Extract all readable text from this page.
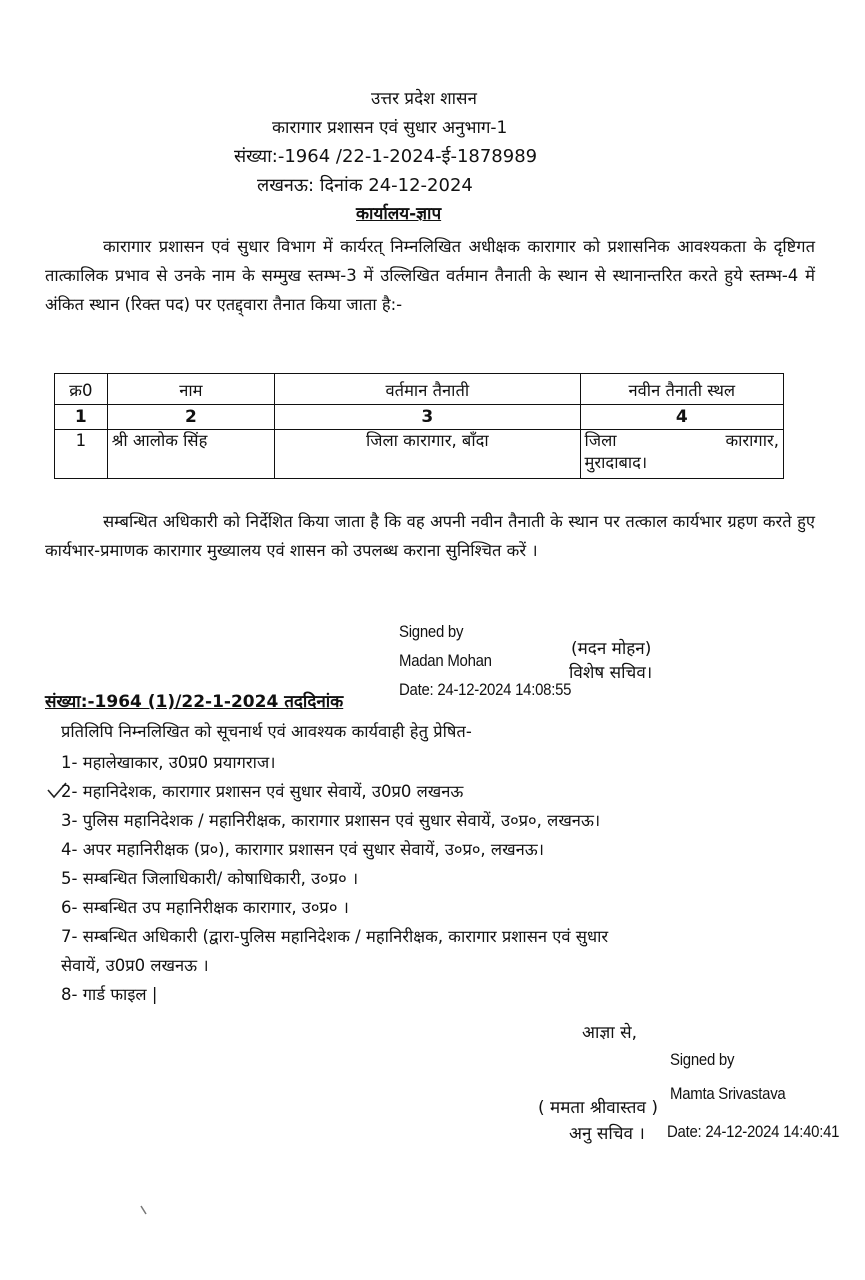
उत्तर प्रदेश शासन
कारागार प्रशासन एवं सुधार अनुभाग-1
संख्या:-1964 /22-1-2024-ई-1878989
लखनऊ: दिनांक 24-12-2024
कार्यालय-ज्ञाप
कारागार प्रशासन एवं सुधार विभाग में कार्यरत् निम्नलिखित अधीक्षक कारागार को प्रशासनिक आवश्यकता के दृष्टिगत तात्कालिक प्रभाव से उनके नाम के सम्मुख स्तम्भ-3 में उल्लिखित वर्तमान तैनाती के स्थान से स्थानान्तरित करते हुये स्तम्भ-4 में अंकित स्थान (रिक्त पद) पर एतद्द्वारा तैनात किया जाता है:-
क्र0	नाम	वर्तमान तैनाती	नवीन तैनाती स्थल
1	2	3	4
1	श्री आलोक सिंह	जिला कारागार, बाँदा	जिला कारागार,
मुरादाबाद।
सम्बन्धित अधिकारी को निर्देशित किया जाता है कि वह अपनी नवीन तैनाती के स्थान पर तत्काल कार्यभार ग्रहण करते हुए कार्यभार-प्रमाणक कारागार मुख्यालय एवं शासन को उपलब्ध कराना सुनिश्चित करें ।
Signed by
Madan Mohan
Date: 24-12-2024 14:08:55
(मदन मोहन)
विशेष सचिव।
संख्या:-1964 (1)/22-1-2024 तददिनांक
प्रतिलिपि निम्नलिखित को सूचनार्थ एवं आवश्यक कार्यवाही हेतु प्रेषित-
1- महालेखाकार, उ0प्र0 प्रयागराज।
2- महानिदेशक, कारागार प्रशासन एवं सुधार सेवायें, उ0प्र0 लखनऊ
3- पुलिस महानिदेशक / महानिरीक्षक, कारागार प्रशासन एवं सुधार सेवायें, उ०प्र०, लखनऊ।
4- अपर महानिरीक्षक (प्र०), कारागार प्रशासन एवं सुधार सेवायें, उ०प्र०, लखनऊ।
5- सम्बन्धित जिलाधिकारी/ कोषाधिकारी, उ०प्र० ।
6- सम्बन्धित उप महानिरीक्षक कारागार, उ०प्र० ।
7- सम्बन्धित अधिकारी (द्वारा-पुलिस महानिदेशक / महानिरीक्षक, कारागार प्रशासन एवं सुधार
सेवायें, उ0प्र0 लखनऊ ।
8- गार्ड फाइल |
आज्ञा से,
Signed by
Mamta Srivastava
( ममता श्रीवास्तव )
अनु सचिव । Date: 24-12-2024 14:40:41
